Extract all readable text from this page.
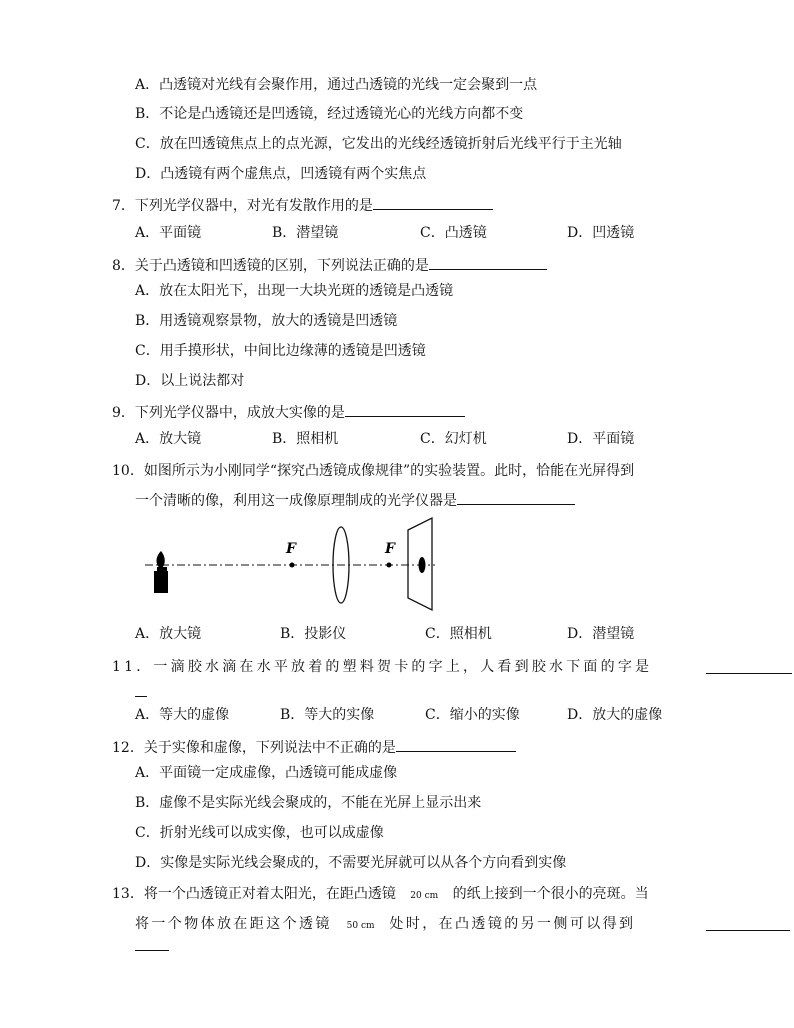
A．凸透镜对光线有会聚作用，通过凸透镜的光线一定会聚到一点
B．不论是凸透镜还是凹透镜，经过透镜光心的光线方向都不变
C．放在凹透镜焦点上的点光源，它发出的光线经透镜折射后光线平行于主光轴
D．凸透镜有两个虚焦点，凹透镜有两个实焦点
7．下列光学仪器中，对光有发散作用的是
A．平面镜	B．潜望镜	C．凸透镜	D．凹透镜
8．关于凸透镜和凹透镜的区别，下列说法正确的是
A．放在太阳光下，出现一大块光斑的透镜是凸透镜
B．用透镜观察景物，放大的透镜是凹透镜
C．用手摸形状，中间比边缘薄的透镜是凹透镜
D．以上说法都对
9．下列光学仪器中，成放大实像的是
A．放大镜	B．照相机	C．幻灯机	D．平面镜
10．如图所示为小刚同学“探究凸透镜成像规律”的实验装置。此时，恰能在光屏得到
一个清晰的像，利用这一成像原理制成的光学仪器是
F	F
A．放大镜	B．投影仪	C．照相机	D．潜望镜
11．一滴胶水滴在水平放着的塑料贺卡的字上，人看到胶水下面的字是
A．等大的虚像	B．等大的实像	C．缩小的实像	D．放大的虚像
12．关于实像和虚像，下列说法中不正确的是
A．平面镜一定成虚像，凸透镜可能成虚像
B．虚像不是实际光线会聚成的，不能在光屏上显示出来
C．折射光线可以成实像，也可以成虚像
D．实像是实际光线会聚成的，不需要光屏就可以从各个方向看到实像
13．将一个凸透镜正对着太阳光，在距凸透镜 20 cm 的纸上接到一个很小的亮斑。当
将一个物体放在距这个透镜 50 cm 处时，在凸透镜的另一侧可以得到
